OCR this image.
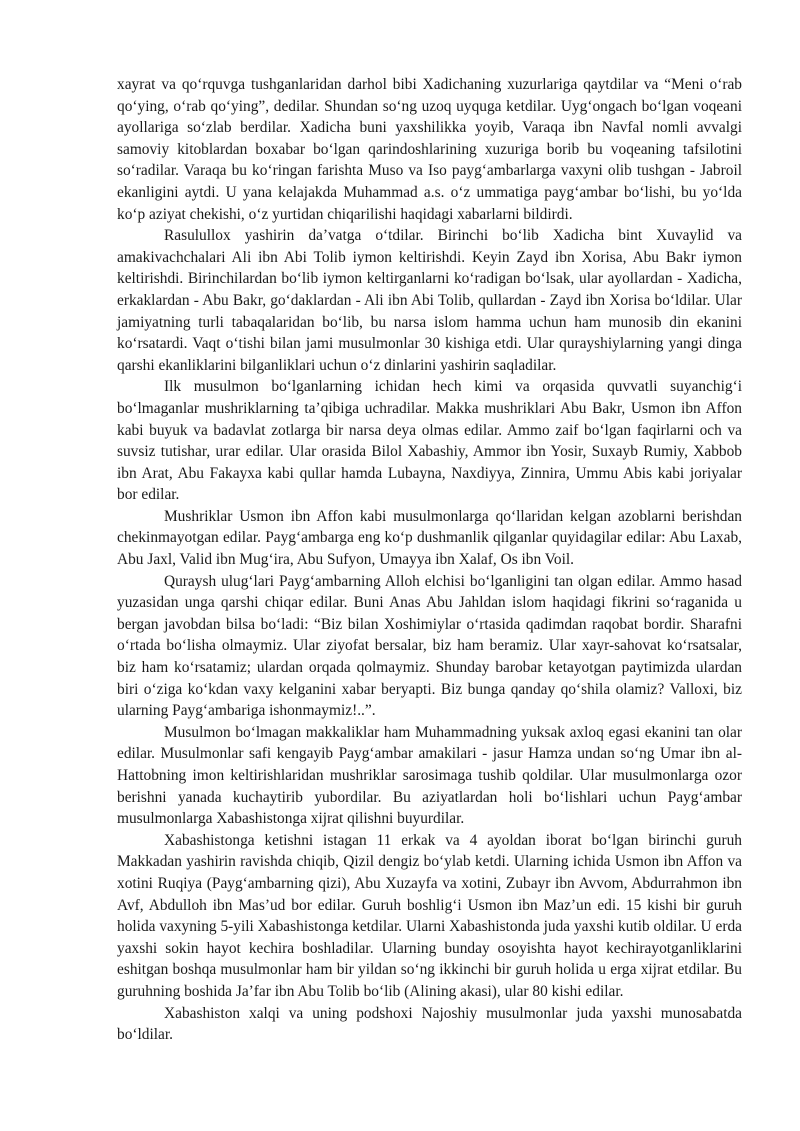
xayrat va qo‘rquvga tushganlaridan darhol bibi Xadichaning xuzurlariga qaytdilar va “Meni o‘rab qo‘ying, o‘rab qo‘ying”, dedilar. Shundan so‘ng uzoq uyquga ketdilar. Uyg‘ongach bo‘lgan voqeani ayollariga so‘zlab berdilar. Xadicha buni yaxshilikka yoyib, Varaqa ibn Navfal nomli avvalgi samoviy kitoblardan boxabar bo‘lgan qarindoshlarining xuzuriga borib bu voqeaning tafsilotini so‘radilar. Varaqa bu ko‘ringan farishta Muso va Iso payg‘ambarlarga vaxyni olib tushgan - Jabroil ekanligini aytdi. U yana kelajakda Muhammad a.s. o‘z ummatiga payg‘ambar bo‘lishi, bu yo‘lda ko‘p aziyat chekishi, o‘z yurtidan chiqarilishi haqidagi xabarlarni bildirdi.

Rasulullox yashirin da’vatga o‘tdilar. Birinchi bo‘lib Xadicha bint Xuvaylid va amakivachchalari Ali ibn Abi Tolib iymon keltirishdi. Keyin Zayd ibn Xorisa, Abu Bakr iymon keltirishdi. Birinchilardan bo‘lib iymon keltirganlarni ko‘radigan bo‘lsak, ular ayollardan - Xadicha, erkaklardan - Abu Bakr, go‘daklardan - Ali ibn Abi Tolib, qullardan - Zayd ibn Xorisa bo‘ldilar. Ular jamiyatning turli tabaqalaridan bo‘lib, bu narsa islom hamma uchun ham munosib din ekanini ko‘rsatardi. Vaqt o‘tishi bilan jami musulmonlar 30 kishiga etdi. Ular qurayshiylarning yangi dinga qarshi ekanliklarini bilganliklari uchun o‘z dinlarini yashirin saqladilar.

Ilk musulmon bo‘lganlarning ichidan hech kimi va orqasida quvvatli suyanchig‘i bo‘lmaganlar mushriklarning ta’qibiga uchradilar. Makka mushriklari Abu Bakr, Usmon ibn Affon kabi buyuk va badavlat zotlarga bir narsa deya olmas edilar. Ammo zaif bo‘lgan faqirlarni och va suvsiz tutishar, urar edilar. Ular orasida Bilol Xabashiy, Ammor ibn Yosir, Suxayb Rumiy, Xabbob ibn Arat, Abu Fakayxa kabi qullar hamda Lubayna, Naxdiyya, Zinnira, Ummu Abis kabi joriyalar bor edilar.

Mushriklar Usmon ibn Affon kabi musulmonlarga qo‘llaridan kelgan azoblarni berishdan chekinmayotgan edilar. Payg‘ambarga eng ko‘p dushmanlik qilganlar quyidagilar edilar: Abu Laxab, Abu Jaxl, Valid ibn Mug‘ira, Abu Sufyon, Umayya ibn Xalaf, Os ibn Voil.

Quraysh ulug‘lari Payg‘ambarning Alloh elchisi bo‘lganligini tan olgan edilar. Ammo hasad yuzasidan unga qarshi chiqar edilar. Buni Anas Abu Jahldan islom haqidagi fikrini so‘raganida u bergan javobdan bilsa bo‘ladi: “Biz bilan Xoshimiylar o‘rtasida qadimdan raqobat bordir. Sharafni o‘rtada bo‘lisha olmaymiz. Ular ziyofat bersalar, biz ham beramiz. Ular xayr-sahovat ko‘rsatsalar, biz ham ko‘rsatamiz; ulardan orqada qolmaymiz. Shunday barobar ketayotgan paytimizda ulardan biri o‘ziga ko‘kdan vaxy kelganini xabar beryapti. Biz bunga qanday qo‘shila olamiz? Valloxi, biz ularning Payg‘ambariga ishonmaymiz!..”.

Musulmon bo‘lmagan makkaliklar ham Muhammadning yuksak axloq egasi ekanini tan olar edilar. Musulmonlar safi kengayib Payg‘ambar amakilari - jasur Hamza undan so‘ng Umar ibn al-Hattobning imon keltirishlaridan mushriklar sarosimaga tushib qoldilar. Ular musulmonlarga ozor berishni yanada kuchaytirib yubordilar. Bu aziyatlardan holi bo‘lishlari uchun Payg‘ambar musulmonlarga Xabashistonga xijrat qilishni buyurdilar.

Xabashistonga ketishni istagan 11 erkak va 4 ayoldan iborat bo‘lgan birinchi guruh Makkadan yashirin ravishda chiqib, Qizil dengiz bo‘ylab ketdi. Ularning ichida Usmon ibn Affon va xotini Ruqiya (Payg‘ambarning qizi), Abu Xuzayfa va xotini, Zubayr ibn Avvom, Abdurrahmon ibn Avf, Abdulloh ibn Mas’ud bor edilar. Guruh boshlig‘i Usmon ibn Maz’un edi. 15 kishi bir guruh holida vaxyning 5-yili Xabashistonga ketdilar. Ularni Xabashistonda juda yaxshi kutib oldilar. U erda yaxshi sokin hayot kechira boshladilar. Ularning bunday osoyishta hayot kechirayotganliklarini eshitgan boshqa musulmonlar ham bir yildan so‘ng ikkinchi bir guruh holida u erga xijrat etdilar. Bu guruhning boshida Ja’far ibn Abu Tolib bo‘lib (Alining akasi), ular 80 kishi edilar.

Xabashiston xalqi va uning podshoxi Najoshiy musulmonlar juda yaxshi munosabatda bo‘ldilar.
